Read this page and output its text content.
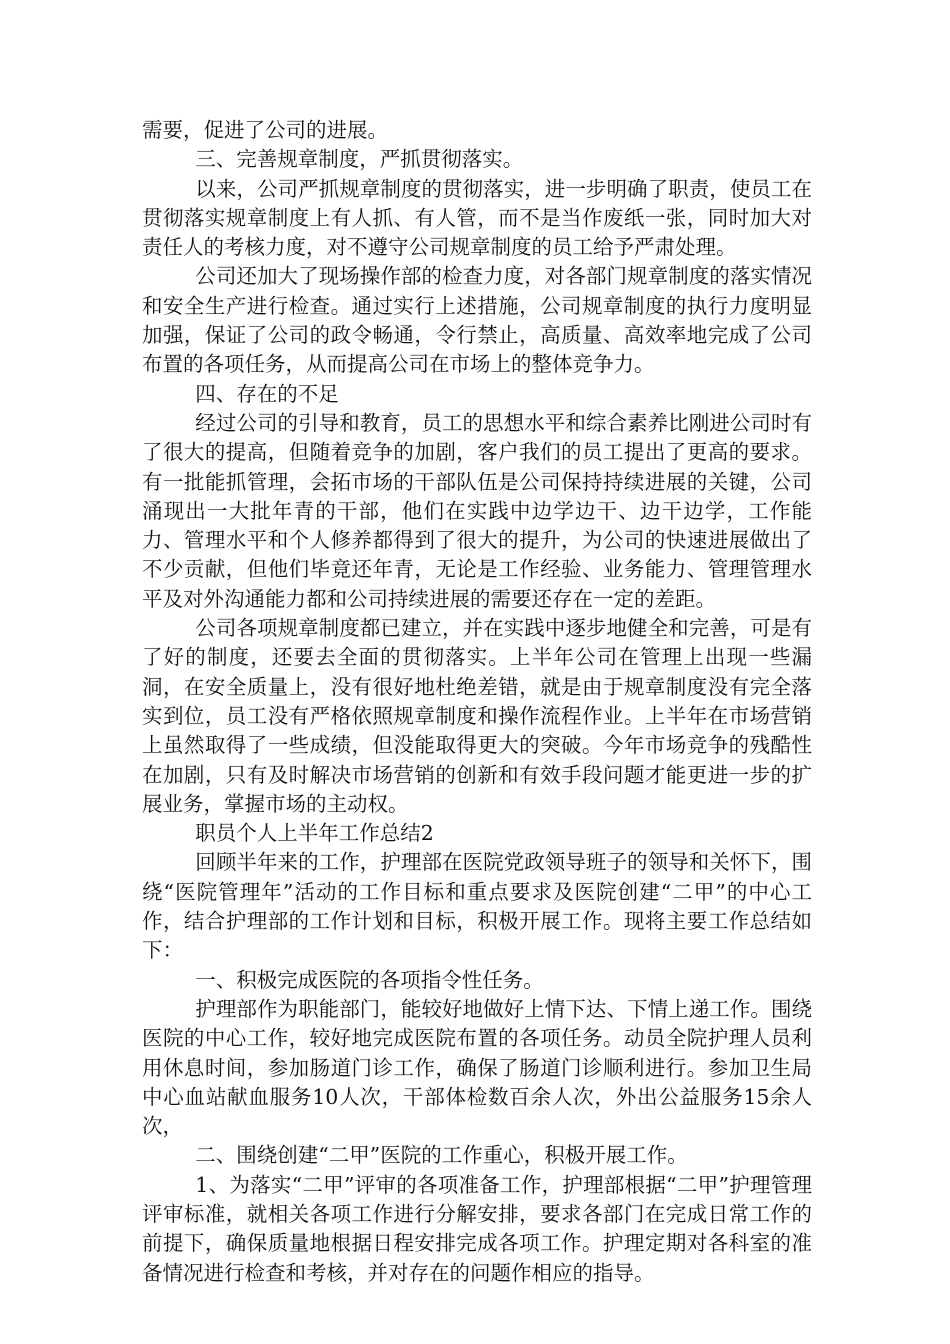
需要，促进了公司的进展。

三、完善规章制度，严抓贯彻落实。

以来，公司严抓规章制度的贯彻落实，进一步明确了职责，使员工在贯彻落实规章制度上有人抓、有人管，而不是当作废纸一张，同时加大对责任人的考核力度，对不遵守公司规章制度的员工给予严肃处理。

公司还加大了现场操作部的检查力度，对各部门规章制度的落实情况和安全生产进行检查。通过实行上述措施，公司规章制度的执行力度明显加强，保证了公司的政令畅通，令行禁止，高质量、高效率地完成了公司布置的各项任务，从而提高公司在市场上的整体竞争力。

四、存在的不足

经过公司的引导和教育，员工的思想水平和综合素养比刚进公司时有了很大的提高，但随着竞争的加剧，客户我们的员工提出了更高的要求。有一批能抓管理，会拓市场的干部队伍是公司保持持续进展的关键，公司涌现出一大批年青的干部，他们在实践中边学边干、边干边学，工作能力、管理水平和个人修养都得到了很大的提升，为公司的快速进展做出了不少贡献，但他们毕竟还年青，无论是工作经验、业务能力、管理管理水平及对外沟通能力都和公司持续进展的需要还存在一定的差距。

公司各项规章制度都已建立，并在实践中逐步地健全和完善，可是有了好的制度，还要去全面的贯彻落实。上半年公司在管理上出现一些漏洞，在安全质量上，没有很好地杜绝差错，就是由于规章制度没有完全落实到位，员工没有严格依照规章制度和操作流程作业。上半年在市场营销上虽然取得了一些成绩，但没能取得更大的突破。今年市场竞争的残酷性在加剧，只有及时解决市场营销的创新和有效手段问题才能更进一步的扩展业务，掌握市场的主动权。

职员个人上半年工作总结2

回顾半年来的工作，护理部在医院党政领导班子的领导和关怀下，围绕“医院管理年”活动的工作目标和重点要求及医院创建“二甲”的中心工作，结合护理部的工作计划和目标，积极开展工作。现将主要工作总结如下：

一、积极完成医院的各项指令性任务。

护理部作为职能部门，能较好地做好上情下达、下情上递工作。围绕医院的中心工作，较好地完成医院布置的各项任务。动员全院护理人员利用休息时间，参加肠道门诊工作，确保了肠道门诊顺利进行。参加卫生局中心血站献血服务10人次，干部体检数百余人次，外出公益服务15余人次，

二、围绕创建“二甲”医院的工作重心，积极开展工作。

1、为落实“二甲”评审的各项准备工作，护理部根据“二甲”护理管理评审标准，就相关各项工作进行分解安排，要求各部门在完成日常工作的前提下，确保质量地根据日程安排完成各项工作。护理定期对各科室的准备情况进行检查和考核，并对存在的问题作相应的指导。
